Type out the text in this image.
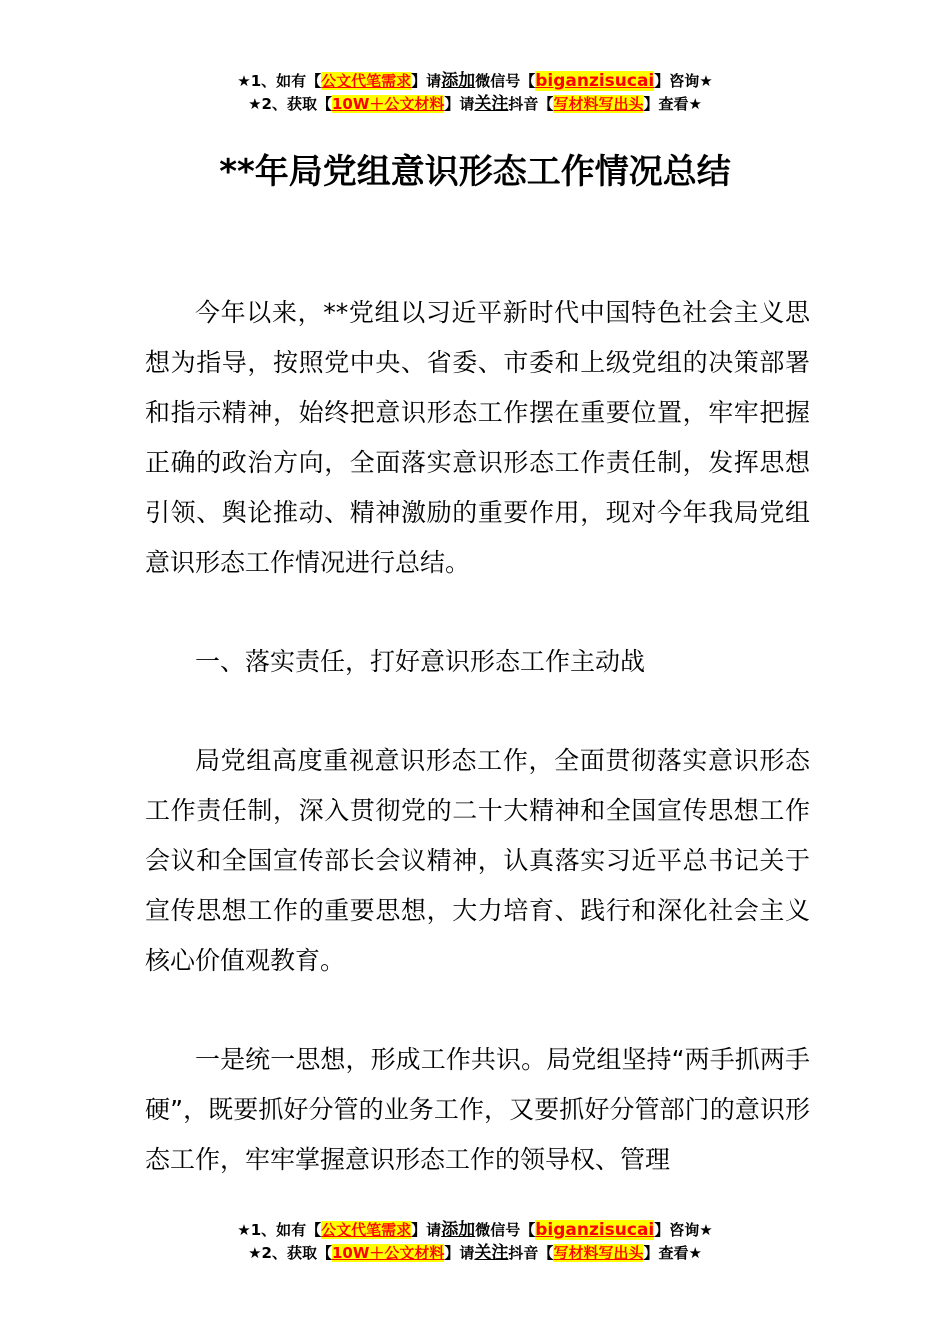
★1、如有【公文代笔需求】请添加微信号【biganzisucai】咨询★
★2、获取【10W＋公文材料】请关注抖音【写材料写出头】查看★
**年局党组意识形态工作情况总结

今年以来，**党组以习近平新时代中国特色社会主义思想为指导，按照党中央、省委、市委和上级党组的决策部署和指示精神，始终把意识形态工作摆在重要位置，牢牢把握正确的政治方向，全面落实意识形态工作责任制，发挥思想引领、舆论推动、精神激励的重要作用，现对今年我局党组意识形态工作情况进行总结。

一、落实责任，打好意识形态工作主动战

局党组高度重视意识形态工作，全面贯彻落实意识形态工作责任制，深入贯彻党的二十大精神和全国宣传思想工作会议和全国宣传部长会议精神，认真落实习近平总书记关于宣传思想工作的重要思想，大力培育、践行和深化社会主义核心价值观教育。

一是统一思想，形成工作共识。局党组坚持“两手抓两手硬”，既要抓好分管的业务工作，又要抓好分管部门的意识形态工作，牢牢掌握意识形态工作的领导权、管理

★1、如有【公文代笔需求】请添加微信号【biganzisucai】咨询★
★2、获取【10W＋公文材料】请关注抖音【写材料写出头】查看★
